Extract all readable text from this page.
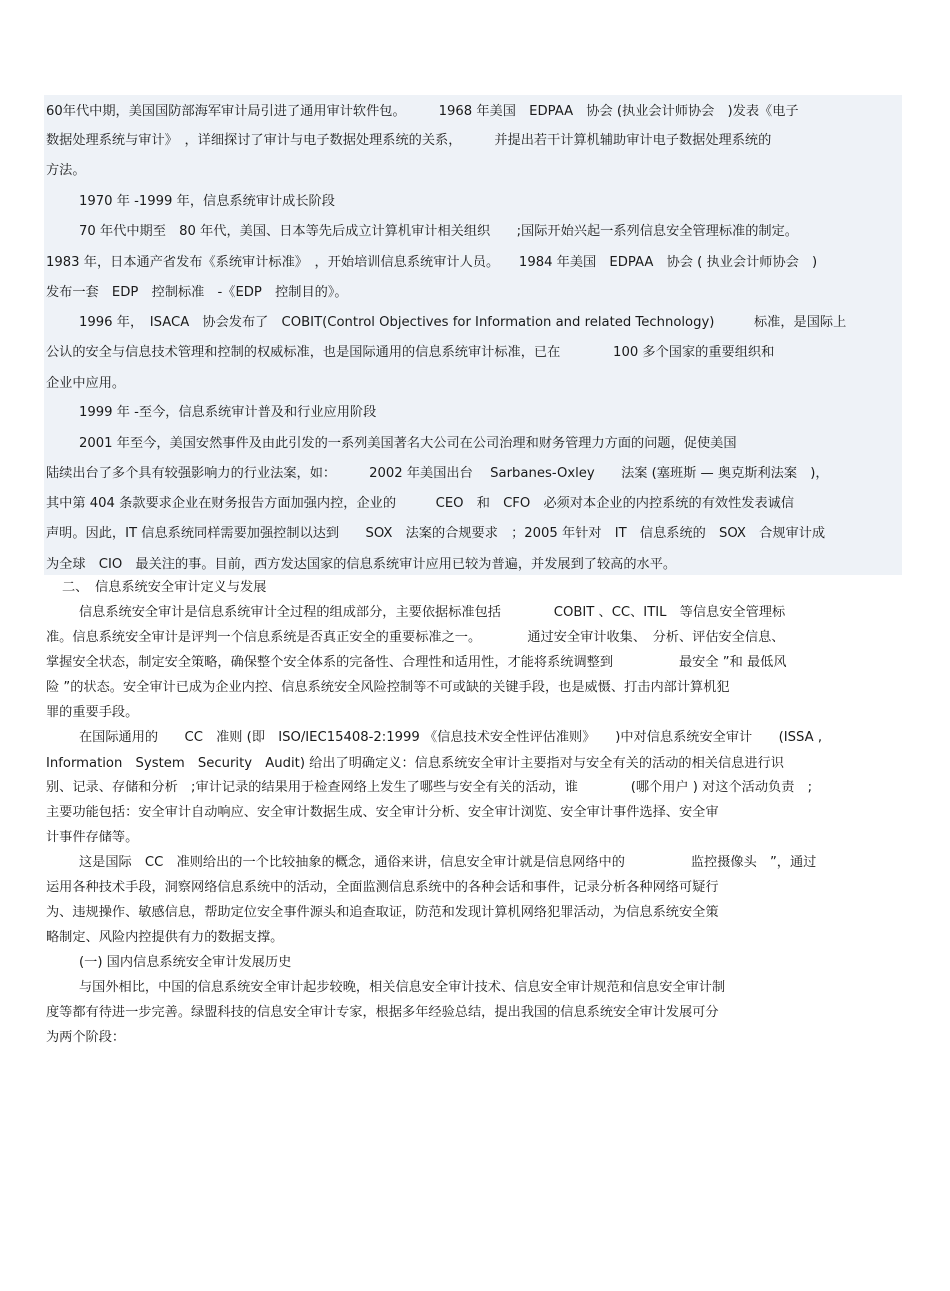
60年代中期，美国国防部海军审计局引进了通用审计软件包。　　　1968 年美国　EDPAA　协会 (执业会计师协会　)发表《电子
数据处理系统与审计》　，详细探讨了审计与电子数据处理系统的关系，　　　并提出若干计算机辅助审计电子数据处理系统的
方法。
1970 年 -1999 年，信息系统审计成长阶段
70 年代中期至　80 年代，美国、日本等先后成立计算机审计相关组织　　;国际开始兴起一系列信息安全管理标准的制定。
1983 年，日本通产省发布《系统审计标准》　，开始培训信息系统审计人员。　　1984 年美国　EDPAA　协会 ( 执业会计师协会　)
发布一套　EDP　控制标准　-《EDP　控制目的》。
1996 年，　ISACA　协会发布了　COBIT(Control Objectives for Information and related Technology)　　　标准，是国际上
公认的安全与信息技术管理和控制的权威标准，也是国际通用的信息系统审计标准，已在　　　　100 多个国家的重要组织和
企业中应用。
1999 年 -至今，信息系统审计普及和行业应用阶段
2001 年至今，美国安然事件及由此引发的一系列美国著名大公司在公司治理和财务管理力方面的问题，促使美国
陆续出台了多个具有较强影响力的行业法案，如：　　　2002 年美国出台　 Sarbanes-Oxley　　法案 (塞班斯 — 奥克斯利法案　)，
其中第 404 条款要求企业在财务报告方面加强内控，企业的　　　CEO　和　CFO　必须对本企业的内控系统的有效性发表诚信
声明。因此，IT 信息系统同样需要加强控制以达到　　SOX　法案的合规要求　；2005 年针对　IT　信息系统的　SOX　合规审计成
为全球　CIO　最关注的事。目前，西方发达国家的信息系统审计应用已较为普遍，并发展到了较高的水平。
二、　信息系统安全审计定义与发展
信息系统安全审计是信息系统审计全过程的组成部分，主要依据标准包括　　　　COBIT 、CC、ITIL　等信息安全管理标
准。信息系统安全审计是评判一个信息系统是否真正安全的重要标准之一。　　　　通过安全审计收集、　分析、评估安全信息、
掌握安全状态，制定安全策略，确保整个安全体系的完备性、合理性和适用性，才能将系统调整到　　　　　最安全 ”和 最低风
险 ”的状态。安全审计已成为企业内控、信息系统安全风险控制等不可或缺的关键手段，也是威慑、打击内部计算机犯
罪的重要手段。
在国际通用的　　CC　准则 (即　ISO/IEC15408-2:1999 《信息技术安全性评估准则》　　)中对信息系统安全审计　　(ISSA ,
Information　System　Security　Audit) 给出了明确定义：信息系统安全审计主要指对与安全有关的活动的相关信息进行识
别、记录、存储和分析　;审计记录的结果用于检查网络上发生了哪些与安全有关的活动，谁　　　　(哪个用户 ) 对这个活动负责　;
主要功能包括：安全审计自动响应、安全审计数据生成、安全审计分析、安全审计浏览、安全审计事件选择、安全审
计事件存储等。
这是国际　CC　准则给出的一个比较抽象的概念，通俗来讲，信息安全审计就是信息网络中的　　　　　监控摄像头　”，通过
运用各种技术手段，洞察网络信息系统中的活动，全面监测信息系统中的各种会话和事件，记录分析各种网络可疑行
为、违规操作、敏感信息，帮助定位安全事件源头和追查取证，防范和发现计算机网络犯罪活动，为信息系统安全策
略制定、风险内控提供有力的数据支撑。
(一) 国内信息系统安全审计发展历史
与国外相比，中国的信息系统安全审计起步较晚，相关信息安全审计技术、信息安全审计规范和信息安全审计制
度等都有待进一步完善。绿盟科技的信息安全审计专家，根据多年经验总结，提出我国的信息系统安全审计发展可分
为两个阶段：
